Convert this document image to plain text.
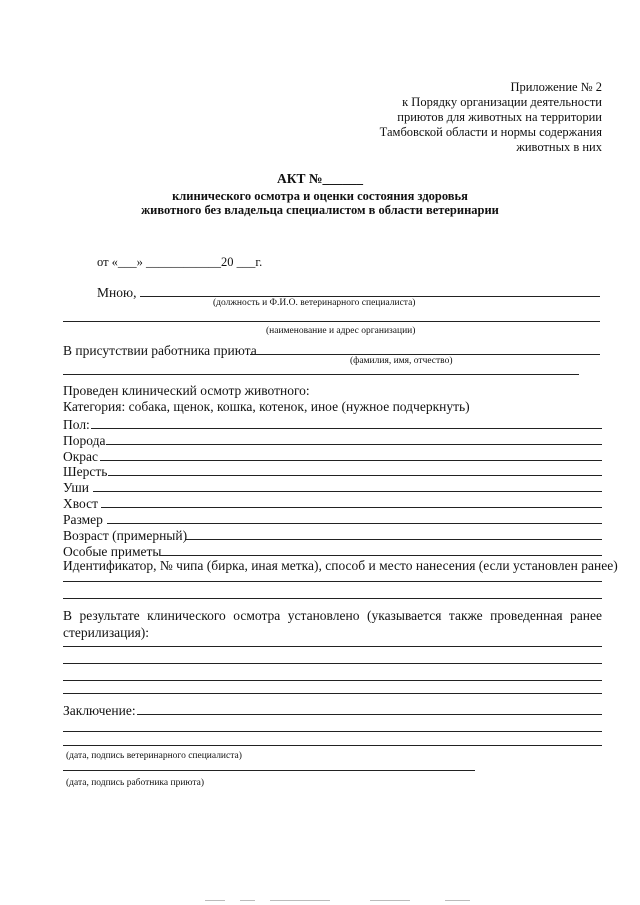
Приложение № 2
к Порядку организации деятельности
приютов для животных на территории
Тамбовской области и нормы содержания
животных в них
АКТ №______
клинического осмотра и оценки состояния здоровья
животного без владельца специалистом в области ветеринарии
от «___» ____________20 ___г.
Мною,
(должность и Ф.И.О. ветеринарного специалиста)
(наименование и адрес организации)
В присутствии работника приюта
(фамилия, имя, отчество)
Проведен клинический осмотр животного:
Категория: собака, щенок, кошка, котенок, иное (нужное подчеркнуть)
Пол:
Порода
Окрас
Шерсть
Уши
Хвост
Размер
Возраст (примерный)
Особые приметы
Идентификатор, № чипа (бирка, иная метка), способ и место нанесения (если установлен ранее)
В результате клинического осмотра установлено (указывается также проведенная ранее стерилизация):
Заключение:
(дата, подпись ветеринарного специалиста)
(дата, подпись работника приюта)
